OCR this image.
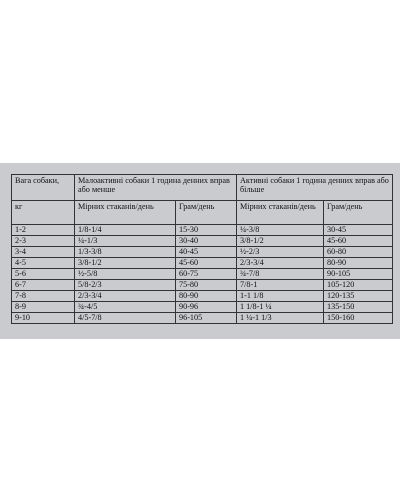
Вага собаки,	Малоактивні собаки 1 година денних вправ або менше		Активні собаки 1 година денних вправ або більше	
кг	Мірних стаканів/день	Грам/день	Мірних стаканів/день	Грам/день
1-2	1/8-1/4	15-30	¼-3/8	30-45
2-3	¼-1/3	30-40	3/8-1/2	45-60
3-4	1/3-3/8	40-45	½-2/3	60-80
4-5	3/8-1/2	45-60	2/3-3/4	80-90
5-6	½-5/8	60-75	¾-7/8	90-105
6-7	5/8-2/3	75-80	7/8-1	105-120
7-8	2/3-3/4	80-90	1-1 1/8	120-135
8-9	¾-4/5	90-96	1 1/8-1 ¼	135-150
9-10	4/5-7/8	96-105	1 ¼-1 1/3	150-160
